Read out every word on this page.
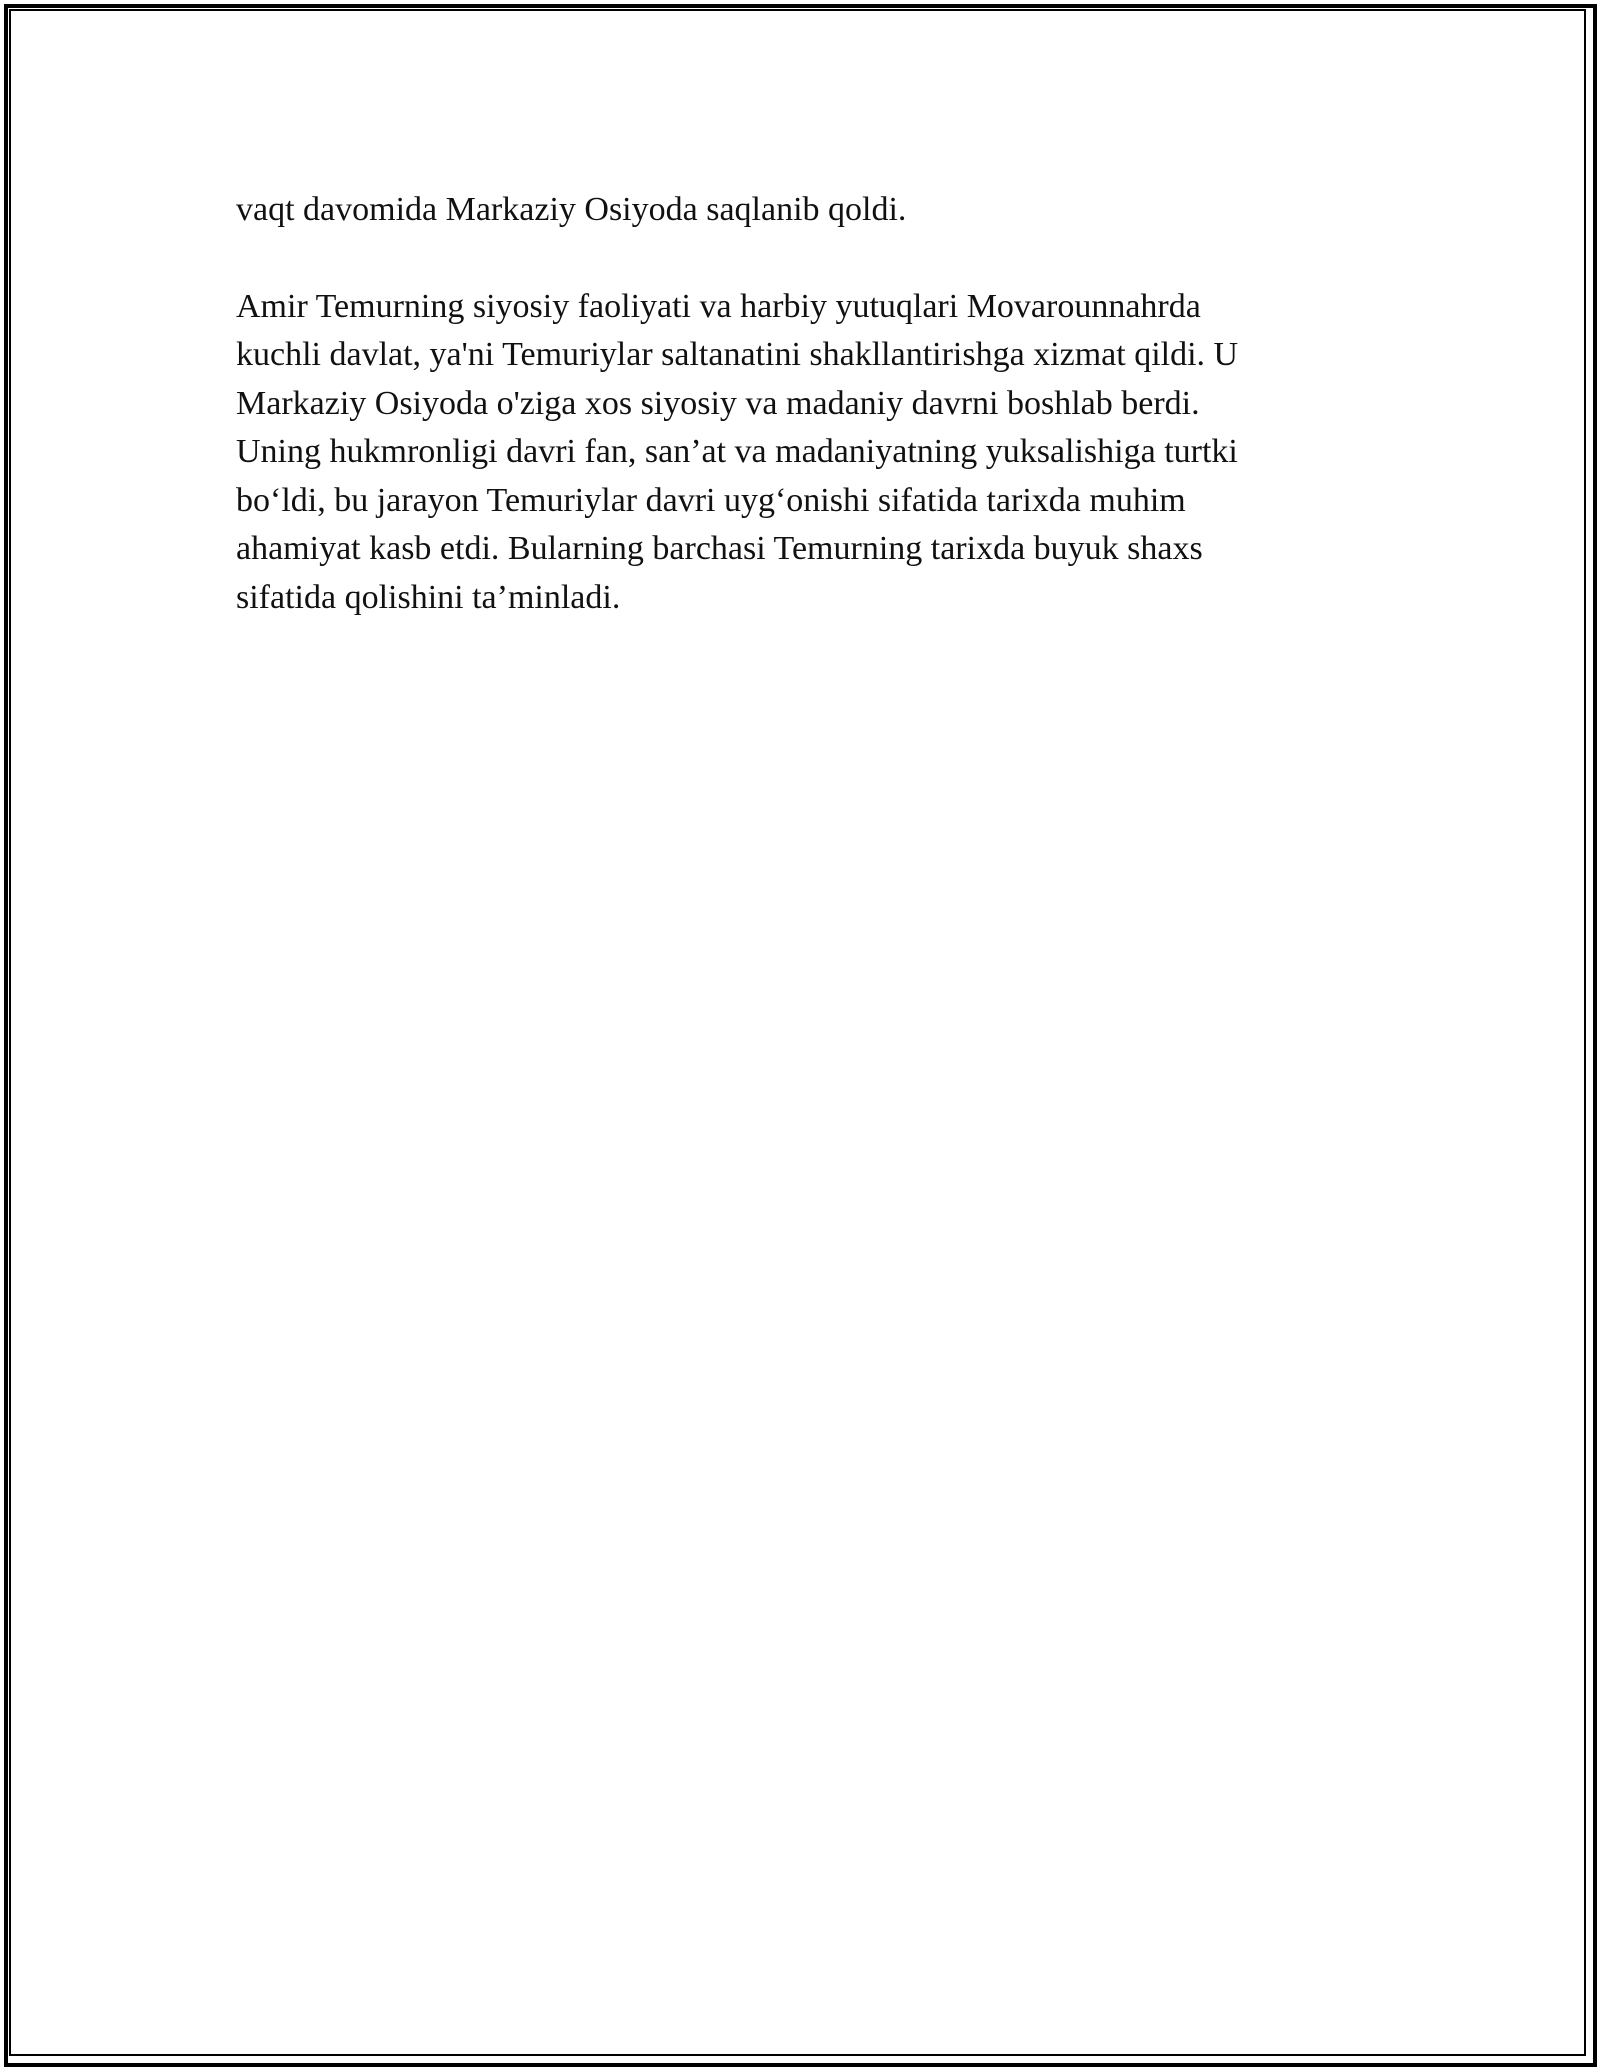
vaqt davomida Markaziy Osiyoda saqlanib qoldi.

Amir Temurning siyosiy faoliyati va harbiy yutuqlari Movarounnahrda
kuchli davlat, ya'ni Temuriylar saltanatini shakllantirishga xizmat qildi. U
Markaziy Osiyoda o'ziga xos siyosiy va madaniy davrni boshlab berdi.
Uning hukmronligi davri fan, san’at va madaniyatning yuksalishiga turtki
bo‘ldi, bu jarayon Temuriylar davri uyg‘onishi sifatida tarixda muhim
ahamiyat kasb etdi. Bularning barchasi Temurning tarixda buyuk shaxs
sifatida qolishini ta’minladi.
